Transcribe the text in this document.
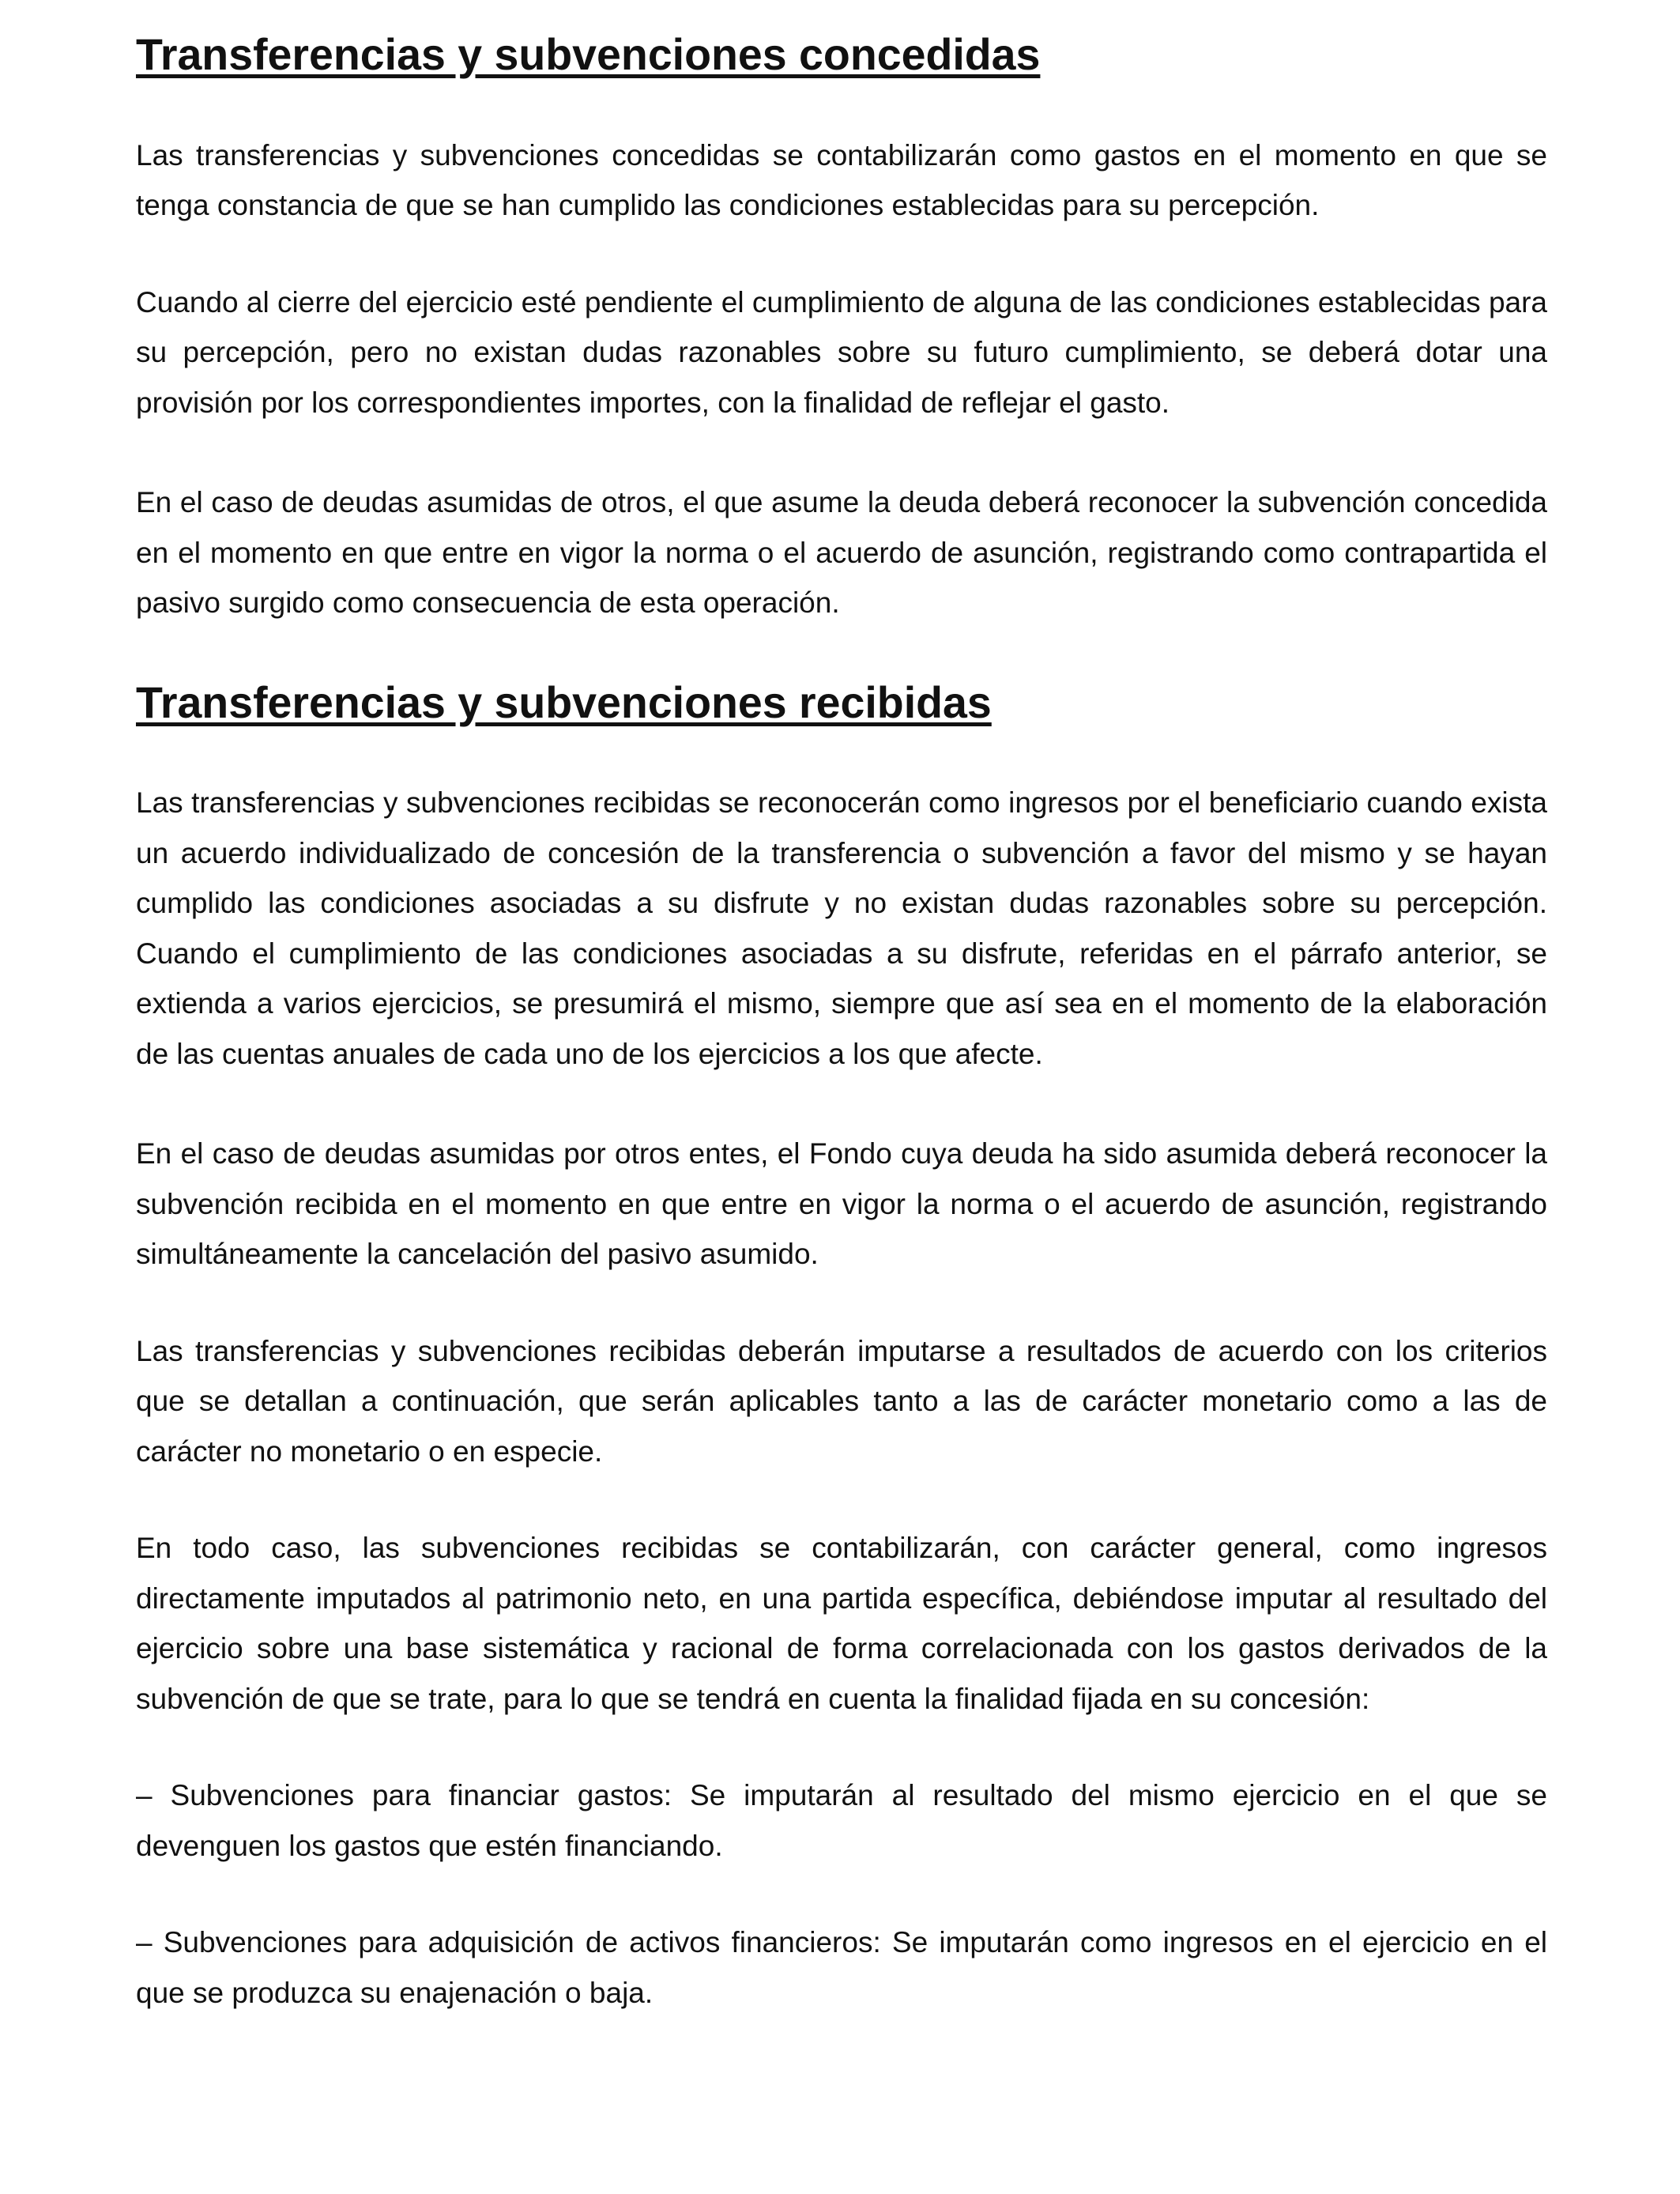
Transferencias y subvenciones concedidas

Las transferencias y subvenciones concedidas se contabilizarán como gastos en el momento en que se tenga constancia de que se han cumplido las condiciones establecidas para su percepción.

Cuando al cierre del ejercicio esté pendiente el cumplimiento de alguna de las condiciones establecidas para su percepción, pero no existan dudas razonables sobre su futuro cumplimiento, se deberá dotar una provisión por los correspondientes importes, con la finalidad de reflejar el gasto.

En el caso de deudas asumidas de otros, el que asume la deuda deberá reconocer la subvención concedida en el momento en que entre en vigor la norma o el acuerdo de asunción, registrando como contrapartida el pasivo surgido como consecuencia de esta operación.

Transferencias y subvenciones recibidas

Las transferencias y subvenciones recibidas se reconocerán como ingresos por el beneficiario cuando exista un acuerdo individualizado de concesión de la transferencia o subvención a favor del mismo y se hayan cumplido las condiciones asociadas a su disfrute y no existan dudas razonables sobre su percepción. Cuando el cumplimiento de las condiciones asociadas a su disfrute, referidas en el párrafo anterior, se extienda a varios ejercicios, se presumirá el mismo, siempre que así sea en el momento de la elaboración de las cuentas anuales de cada uno de los ejercicios a los que afecte.

En el caso de deudas asumidas por otros entes, el Fondo cuya deuda ha sido asumida deberá reconocer la subvención recibida en el momento en que entre en vigor la norma o el acuerdo de asunción, registrando simultáneamente la cancelación del pasivo asumido.

Las transferencias y subvenciones recibidas deberán imputarse a resultados de acuerdo con los criterios que se detallan a continuación, que serán aplicables tanto a las de carácter monetario como a las de carácter no monetario o en especie.

En todo caso, las subvenciones recibidas se contabilizarán, con carácter general, como ingresos directamente imputados al patrimonio neto, en una partida específica, debiéndose imputar al resultado del ejercicio sobre una base sistemática y racional de forma correlacionada con los gastos derivados de la subvención de que se trate, para lo que se tendrá en cuenta la finalidad fijada en su concesión:

– Subvenciones para financiar gastos: Se imputarán al resultado del mismo ejercicio en el que se devenguen los gastos que estén financiando.

– Subvenciones para adquisición de activos financieros: Se imputarán como ingresos en el ejercicio en el que se produzca su enajenación o baja.
